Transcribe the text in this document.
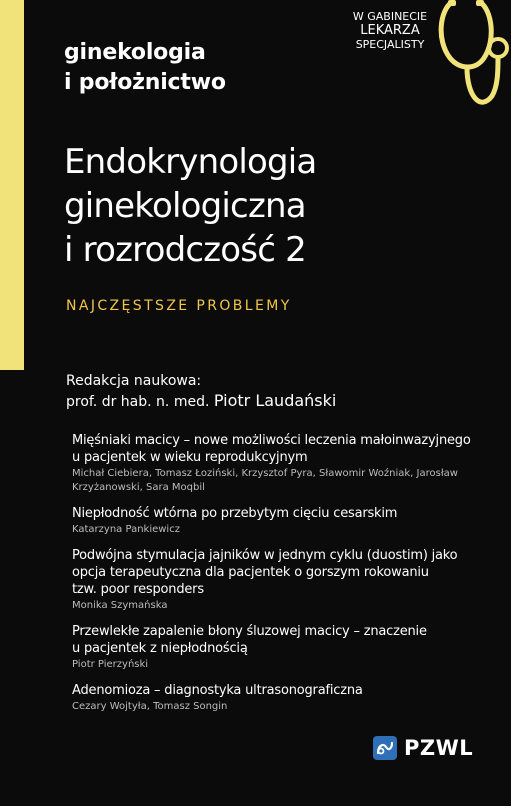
ginekologia
i położnictwo
W GABINECIE
LEKARZA
SPECJALISTY
Endokrynologia
ginekologiczna
i rozrodczość 2
NAJCZĘSTSZE PROBLEMY
Redakcja naukowa:
prof. dr hab. n. med. Piotr Laudański
Mięśniaki macicy – nowe możliwości leczenia małoinwazyjnego
u pacjentek w wieku reprodukcyjnym
Michał Ciebiera, Tomasz Łoziński, Krzysztof Pyra, Sławomir Woźniak, Jarosław
Krzyżanowski, Sara Moqbil
Niepłodność wtórna po przebytym cięciu cesarskim
Katarzyna Pankiewicz
Podwójna stymulacja jajników w jednym cyklu (duostim) jako
opcja terapeutyczna dla pacjentek o gorszym rokowaniu
tzw. poor responders
Monika Szymańska
Przewlekłe zapalenie błony śluzowej macicy – znaczenie
u pacjentek z niepłodnością
Piotr Pierzyński
Adenomioza – diagnostyka ultrasonograficzna
Cezary Wojtyła, Tomasz Songin
PZWL
